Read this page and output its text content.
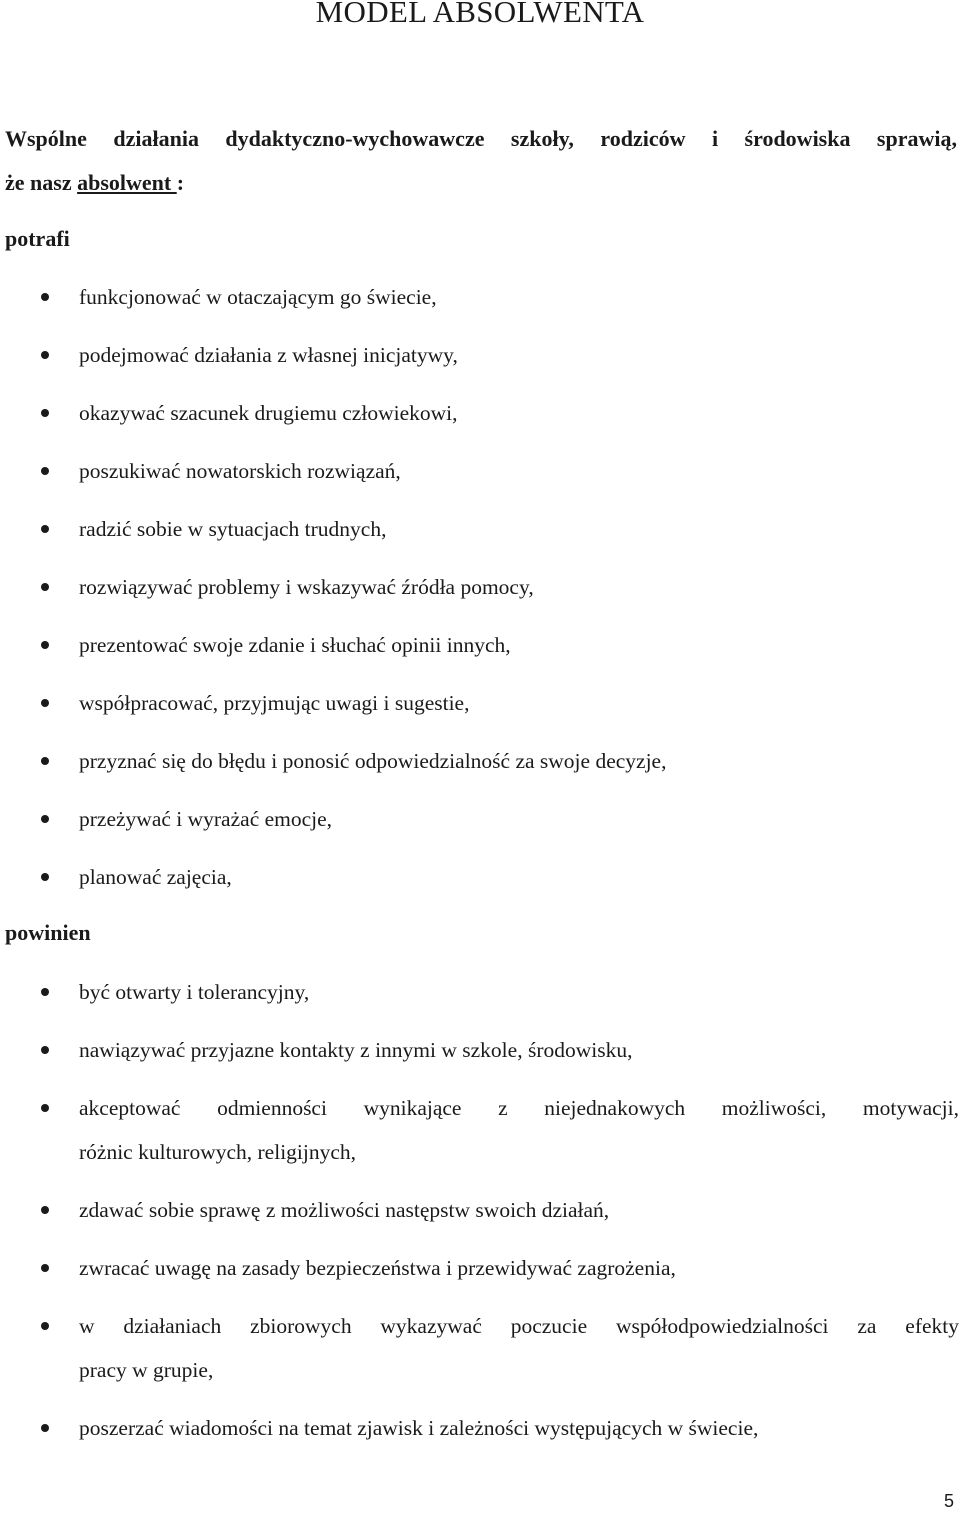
MODEL ABSOLWENTA
Wspólne działania dydaktyczno-wychowawcze szkoły, rodziców i środowiska sprawią,
że nasz absolwent :
potrafi
funkcjonować w otaczającym go świecie,
podejmować działania z własnej inicjatywy,
okazywać szacunek drugiemu człowiekowi,
poszukiwać nowatorskich rozwiązań,
radzić sobie w sytuacjach trudnych,
rozwiązywać problemy i wskazywać źródła pomocy,
prezentować swoje zdanie i słuchać opinii innych,
współpracować, przyjmując uwagi i sugestie,
przyznać się do błędu i ponosić odpowiedzialność za swoje decyzje,
przeżywać i wyrażać emocje,
planować zajęcia,
powinien
być otwarty i tolerancyjny,
nawiązywać przyjazne kontakty z innymi w szkole, środowisku,
akceptować odmienności wynikające z niejednakowych możliwości, motywacji,
różnic kulturowych, religijnych,
zdawać sobie sprawę z możliwości następstw swoich działań,
zwracać uwagę na zasady bezpieczeństwa i przewidywać zagrożenia,
w działaniach zbiorowych wykazywać poczucie współodpowiedzialności za efekty
pracy w grupie,
poszerzać wiadomości na temat zjawisk i zależności występujących w świecie,
5
